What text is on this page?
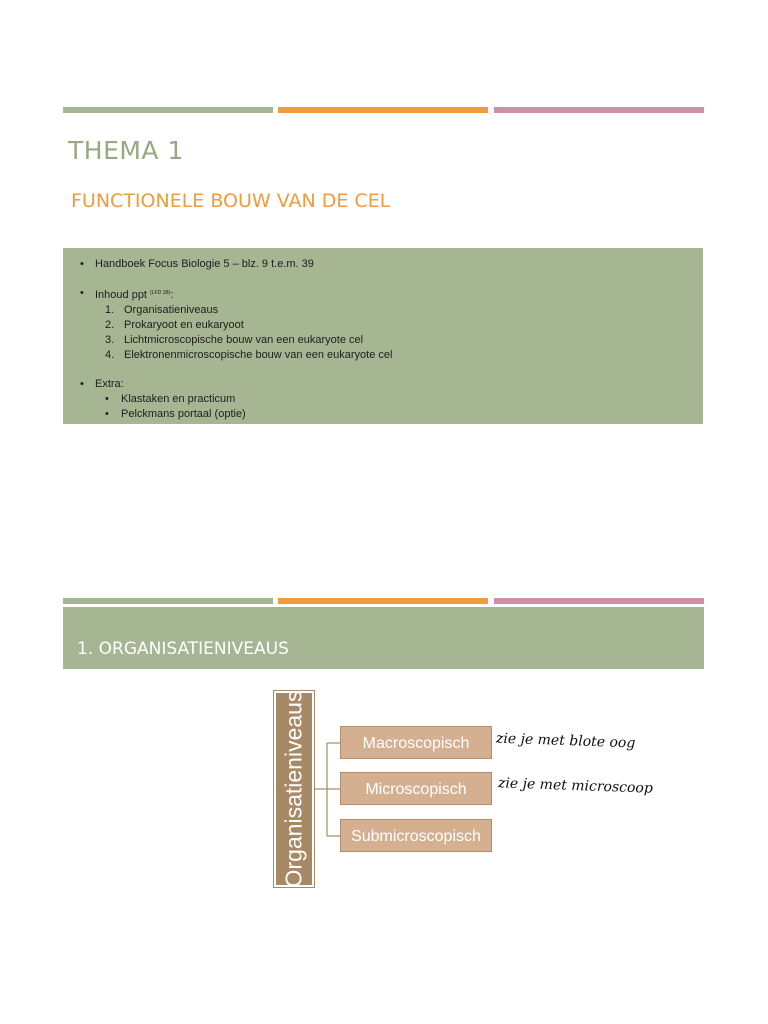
THEMA 1
FUNCTIONELE BOUW VAN DE CEL
• Handboek Focus Biologie 5 – blz. 9 t.e.m. 39
• Inhoud ppt $^{(LFD 1B)}$:
1. Organisatieniveaus
2. Prokaryoot en eukaryoot
3. Lichtmicroscopische bouw van een eukaryote cel
4. Elektronenmicroscopische bouw van een eukaryote cel
• Extra:
• Klastaken en practicum
• Pelckmans portaal (optie)
1. ORGANISATIENIVEAUS
Organisatieniveaus	Macroscopisch
Microscopisch
Submicroscopisch
zie je met blote oog
zie je met microscoop
